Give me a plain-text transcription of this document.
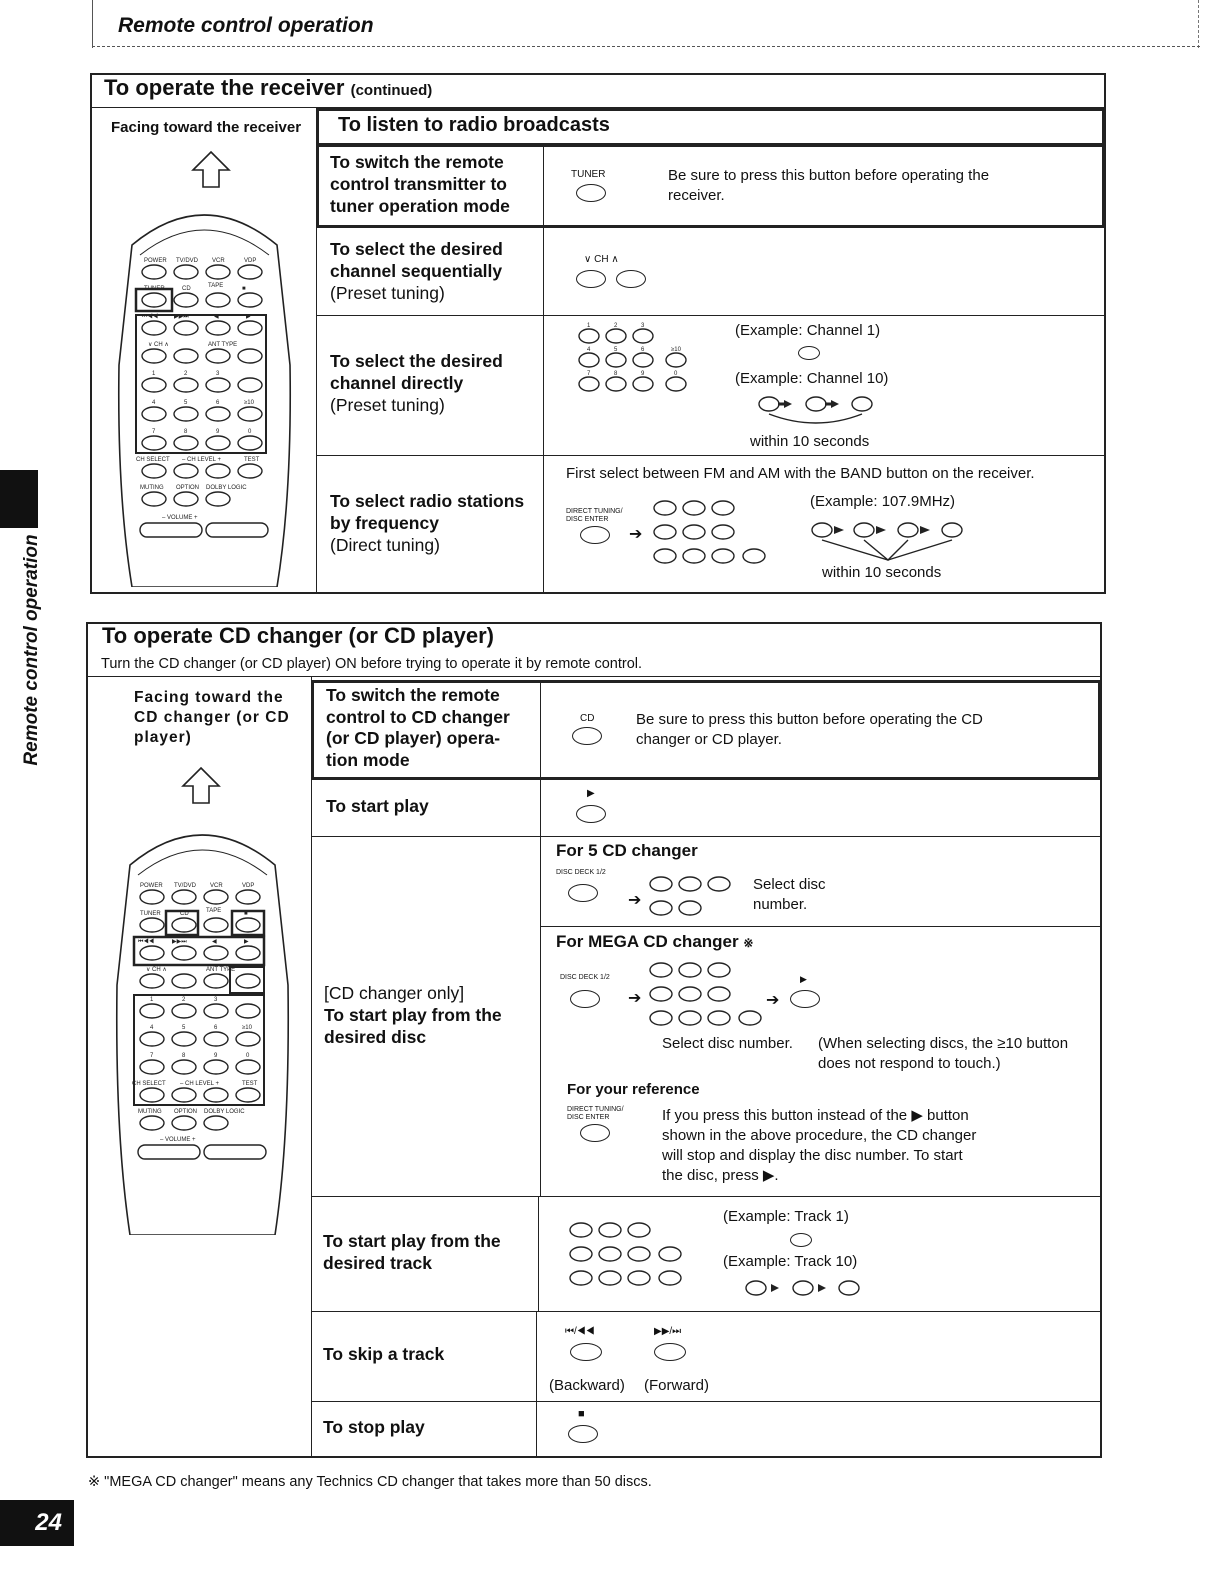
Remote control operation
Remote control operation
To operate the receiver (continued)
Facing toward the receiver
POWER TV/DVD VCR	VDP
TUNER	CD	TAPE	■
⏮◀◀	▶▶⏭	◀	▶
∨ CH ∧	ANT TYPE
1	2	3
4	5	6	≥10
7	8	9	0
CH SELECT – CH LEVEL +	TEST
MUTING OPTION DOLBY LOGIC
– VOLUME +
To listen to radio broadcasts
To switch the remote control transmitter to tuner operation mode
TUNER	Be sure to press this button before operating the receiver.
To select the desired channel sequentially
(Preset tuning)
∨ CH ∧
To select the desired channel directly
(Preset tuning)
1	2	3
4	5	6	≥10
7	8	9	0
(Example: Channel 1)
(Example: Channel 10)
within 10 seconds
To select radio stations by frequency
(Direct tuning)
First select between FM and AM with the BAND button on the receiver.
DIRECT TUNING/ DISC ENTER
➔
(Example: 107.9MHz)
within 10 seconds
To operate CD changer (or CD player)
Turn the CD changer (or CD player) ON before trying to operate it by remote control.
Facing toward the CD changer (or CD player)
POWER TV/DVD VCR	VDP
TUNER	CD	TAPE	■
⏮◀◀	▶▶⏭	◀	▶
∨ CH ∧	ANT TYPE
1	2	3
4	5	6	≥10
7	8	9	0
CH SELECT – CH LEVEL +	TEST
MUTING OPTION DOLBY LOGIC
– VOLUME +
To switch the remote control to CD changer (or CD player) opera- tion mode
CD	Be sure to press this button before operating the CD changer or CD player.
To start play
▶
[CD changer only]
To start play from the desired disc
For 5 CD changer
DISC DECK 1/2
➔
Select disc number.
For MEGA CD changer ※
DISC DECK 1/2
➔	➔
▶
Select disc number. (When selecting discs, the ≥10 button does not respond to touch.)
For your reference
DIRECT TUNING/ DISC ENTER	If you press this button instead of the ▶ button shown in the above procedure, the CD changer will stop and display the disc number. To start the disc, press ▶.
To start play from the desired track
(Example: Track 1)
(Example: Track 10)
To skip a track
⏮/◀◀	▶▶/⏭
(Backward) (Forward)
To stop play
■
※ "MEGA CD changer" means any Technics CD changer that takes more than 50 discs.
24
